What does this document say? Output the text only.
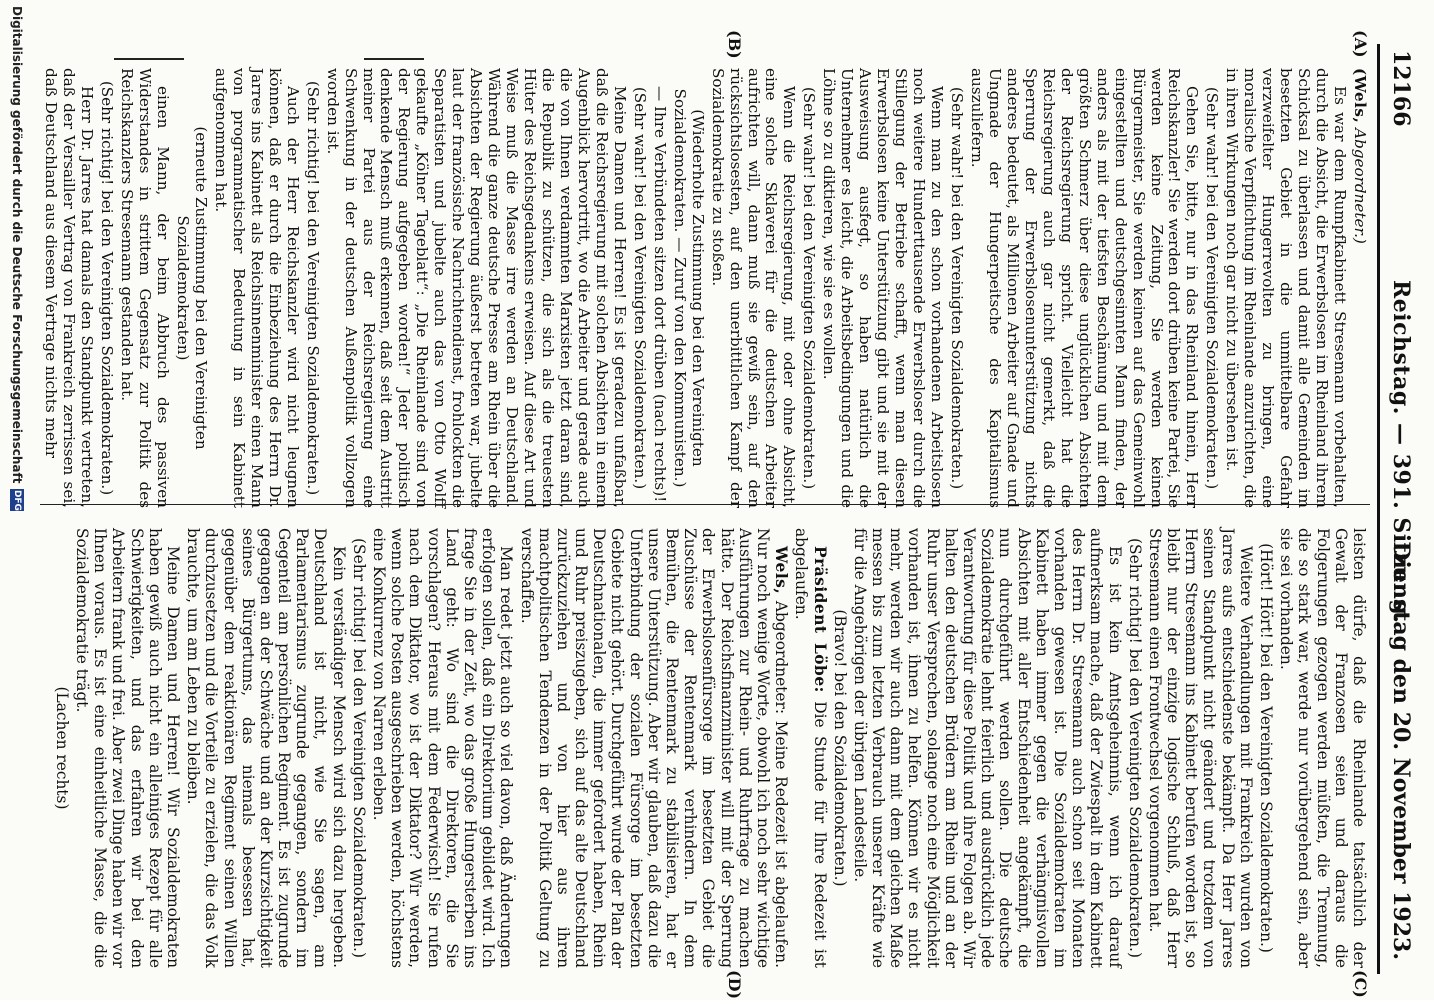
12166
Reichstag. — 391. Sitzung.
Dienstag den 20. November 1923.
(A)
(B)
(C)
(D)

(Wels, Abgeordneter.)

Es war dem Rumpfkabinett Stresemann vorbehalten, durch die Absicht, die Erwerbslosen im Rheinland ihrem Schicksal zu überlassen und damit alle Gemeinden im besetzten Gebiet in die unmittelbare Gefahr verzweifelter Hungerrevolten zu bringen, eine moralische Verpflichtung im Rheinlande anzurichten, die in ihren Wirkungen noch gar nicht zu übersehen ist.

(Sehr wahr! bei den Vereinigten Sozialdemokraten.)

Gehen Sie, bitte, nur in das Rheinland hinein, Herr Reichskanzler! Sie werden dort drüben keine Partei, Sie werden keine Zeitung, Sie werden keinen Bürgermeister, Sie werden keinen auf das Gemeinwohl eingestellten und deutschgesinnten Mann finden, der anders als mit der tiefsten Beschämung und mit dem größten Schmerz über diese unglücklichen Absichten der Reichsregierung spricht. Vielleicht hat die Reichsregierung auch gar nicht gemerkt, daß die Sperrung der Erwerbslosenunterstützung nichts anderes bedeutet, als Millionen Arbeiter auf Gnade und Ungnade der Hungerpeitsche des Kapitalismus auszuliefern.

(Sehr wahr! bei den Vereinigten Sozialdemokraten.)

Wenn man zu den schon vorhandenen Arbeitslosen noch weitere Hunderttausende Erwerbsloser durch die Stillegung der Betriebe schafft, wenn man diesen Erwerbslosen keine Unterstützung gibt und sie mit der Ausweisung ausfegt, so haben natürlich die Unternehmer es leicht, die Arbeitsbedingungen und die Löhne so zu diktieren, wie sie es wollen.

(Sehr wahr! bei den Vereinigten Sozialdemokraten.)

Wenn die Reichsregierung, mit oder ohne Absicht, eine solche Sklaverei für die deutschen Arbeiter aufrichten will, dann muß sie gewiß sein, auf den rücksichtslosesten, auf den unerbittlichen Kampf der Sozialdemokratie zu stoßen.

(Wiederholte Zustimmung bei den Vereinigten Sozialdemokraten. — Zuruf von den Kommunisten.)

— Ihre Verbündeten sitzen dort drüben (nach rechts)!

(Sehr wahr! bei den Vereinigten Sozialdemokraten.)

Meine Damen und Herren! Es ist geradezu unfaßbar, daß die Reichsregierung mit solchen Absichten in einem Augenblick hervortritt, wo die Arbeiter und gerade auch die von Ihnen verdammten Marxisten jetzt daran sind, die Republik zu schützen, die sich als die treuesten Hüter des Reichsgedankens erweisen. Auf diese Art und Weise muß die Masse irre werden an Deutschland. Während die ganze deutsche Presse am Rhein über die Absichten der Regierung äußerst betreten war, jubelte laut der französische Nachrichtendienst, frohlockten die Separatisten und jubelte auch das von Otto Wolff gekaufte „Kölner Tageblatt“: „Die Rheinlande sind von der Regierung aufgegeben worden!“ Jeder politisch denkende Mensch muß erkennen, daß seit dem Austritt meiner Partei aus der Reichsregierung eine Schwenkung in der deutschen Außenpolitik vollzogen worden ist.

(Sehr richtig! bei den Vereinigten Sozialdemokraten.)

Auch der Herr Reichskanzler wird nicht leugnen können, daß er durch die Einbeziehung des Herrn Dr. Jarres ins Kabinett als Reichsinnenminister einen Mann von programmatischer Bedeutung in sein Kabinett aufgenommen hat.

(erneute Zustimmung bei den Vereinigten Sozialdemokraten)

einen Mann, der beim Abbruch des passiven Widerstandes in strittem Gegensatz zur Politik des Reichskanzlers Stresemann gestanden hat.

(Sehr richtig! bei den Vereinigten Sozialdemokraten.)

Herr Dr. Jarres hat damals den Standpunkt vertreten, daß der Versailler Vertrag von Frankreich zerrissen sei, daß Deutschland aus diesem Vertrage nichts mehr

leisten dürfe, daß die Rheinlande tatsächlich der Gewalt der Franzosen seien und daraus die Folgerungen gezogen werden müßten, die Trennung, die so stark war, werde nur vorübergehend sein, aber sie sei vorhanden.

(Hört! Hört! bei den Vereinigten Sozialdemokraten.)

Weitere Verhandlungen mit Frankreich wurden von Jarres aufs entschiedenste bekämpft. Da Herr Jarres seinen Standpunkt nicht geändert und trotzdem von Herrn Stresemann ins Kabinett berufen worden ist, so bleibt nur der einzige logische Schluß, daß Herr Stresemann einen Frontwechsel vorgenommen hat.

(Sehr richtig! bei den Vereinigten Sozialdemokraten.)

Es ist kein Amtsgeheimnis, wenn ich darauf aufmerksam mache, daß der Zwiespalt in dem Kabinett des Herrn Dr. Stresemann auch schon seit Monaten vorhanden gewesen ist. Die Sozialdemokraten im Kabinett haben immer gegen die verhängnisvollen Absichten mit aller Entschiedenheit angekämpft, die nun durchgeführt werden sollen. Die deutsche Sozialdemokratie lehnt feierlich und ausdrücklich jede Verantwortung für diese Politik und ihre Folgen ab. Wir halten den deutschen Brüdern am Rhein und an der Ruhr unser Versprechen, solange noch eine Möglichkeit vorhanden ist, ihnen zu helfen. Können wir es nicht mehr, werden wir auch dann mit dem gleichen Maße messen bis zum letzten Verbrauch unserer Kräfte wie für die Angehörigen der übrigen Landesteile.

(Bravo! bei den Sozialdemokraten.)

Präsident Löbe: Die Stunde für Ihre Redezeit ist abgelaufen.

Wels, Abgeordneter: Meine Redezeit ist abgelaufen. Nur noch wenige Worte, obwohl ich noch sehr wichtige Ausführungen zur Rhein- und Ruhrfrage zu machen hätte. Der Reichsfinanzminister will mit der Sperrung der Erwerbslosenfürsorge im besetzten Gebiet die Zuschüsse der Rentenmark verhindern. In dem Bemühen, die Rentenmark zu stabilisieren, hat er unsere Unterstützung. Aber wir glauben, daß dazu die Unterbindung der sozialen Fürsorge im besetzten Gebiete nicht gehört. Durchgeführt wurde der Plan der Deutschnationalen, die immer gefordert haben, Rhein und Ruhr preiszugeben, sich auf das alte Deutschland zurückzuziehen und von hier aus ihren machtpolitischen Tendenzen in der Politik Geltung zu verschaffen.

Man redet jetzt auch so viel davon, daß Änderungen erfolgen sollen, daß ein Direktorium gebildet wird. Ich frage Sie in der Zeit, wo das große Hungersterben ins Land geht: Wo sind die Direktoren, die Sie vorschlagen? Heraus mit dem Federwisch! Sie rufen nach dem Diktator, wo ist der Diktator? Wir werden, wenn solche Posten ausgeschrieben werden, höchstens eine Konkurrenz von Narren erleben.

(Sehr richtig! bei den Vereinigten Sozialdemokraten.)

Kein verständiger Mensch wird sich dazu hergeben. Deutschland ist nicht, wie Sie sagen, am Parlamentarismus zugrunde gegangen, sondern im Gegenteil am persönlichen Regiment. Es ist zugrunde gegangen an der Schwäche und an der Kurzsichtigkeit seines Bürgertums, das niemals besessen hat, gegenüber dem reaktionären Regiment seinen Willen durchzusetzen und die Vorteile zu erzielen, die das Volk brauchte, um am Leben zu bleiben.

Meine Damen und Herren! Wir Sozialdemokraten haben gewiß auch nicht ein alleiniges Rezept für alle Schwierigkeiten, und das erfahren wir bei den Arbeitern frank und frei. Aber zwei Dinge haben wir vor Ihnen voraus. Es ist eine einheitliche Masse, die die Sozialdemokratie trägt.

(Lachen rechts)

Digitalisierung gefördert durch die Deutsche Forschungsgemeinschaft
DFG
